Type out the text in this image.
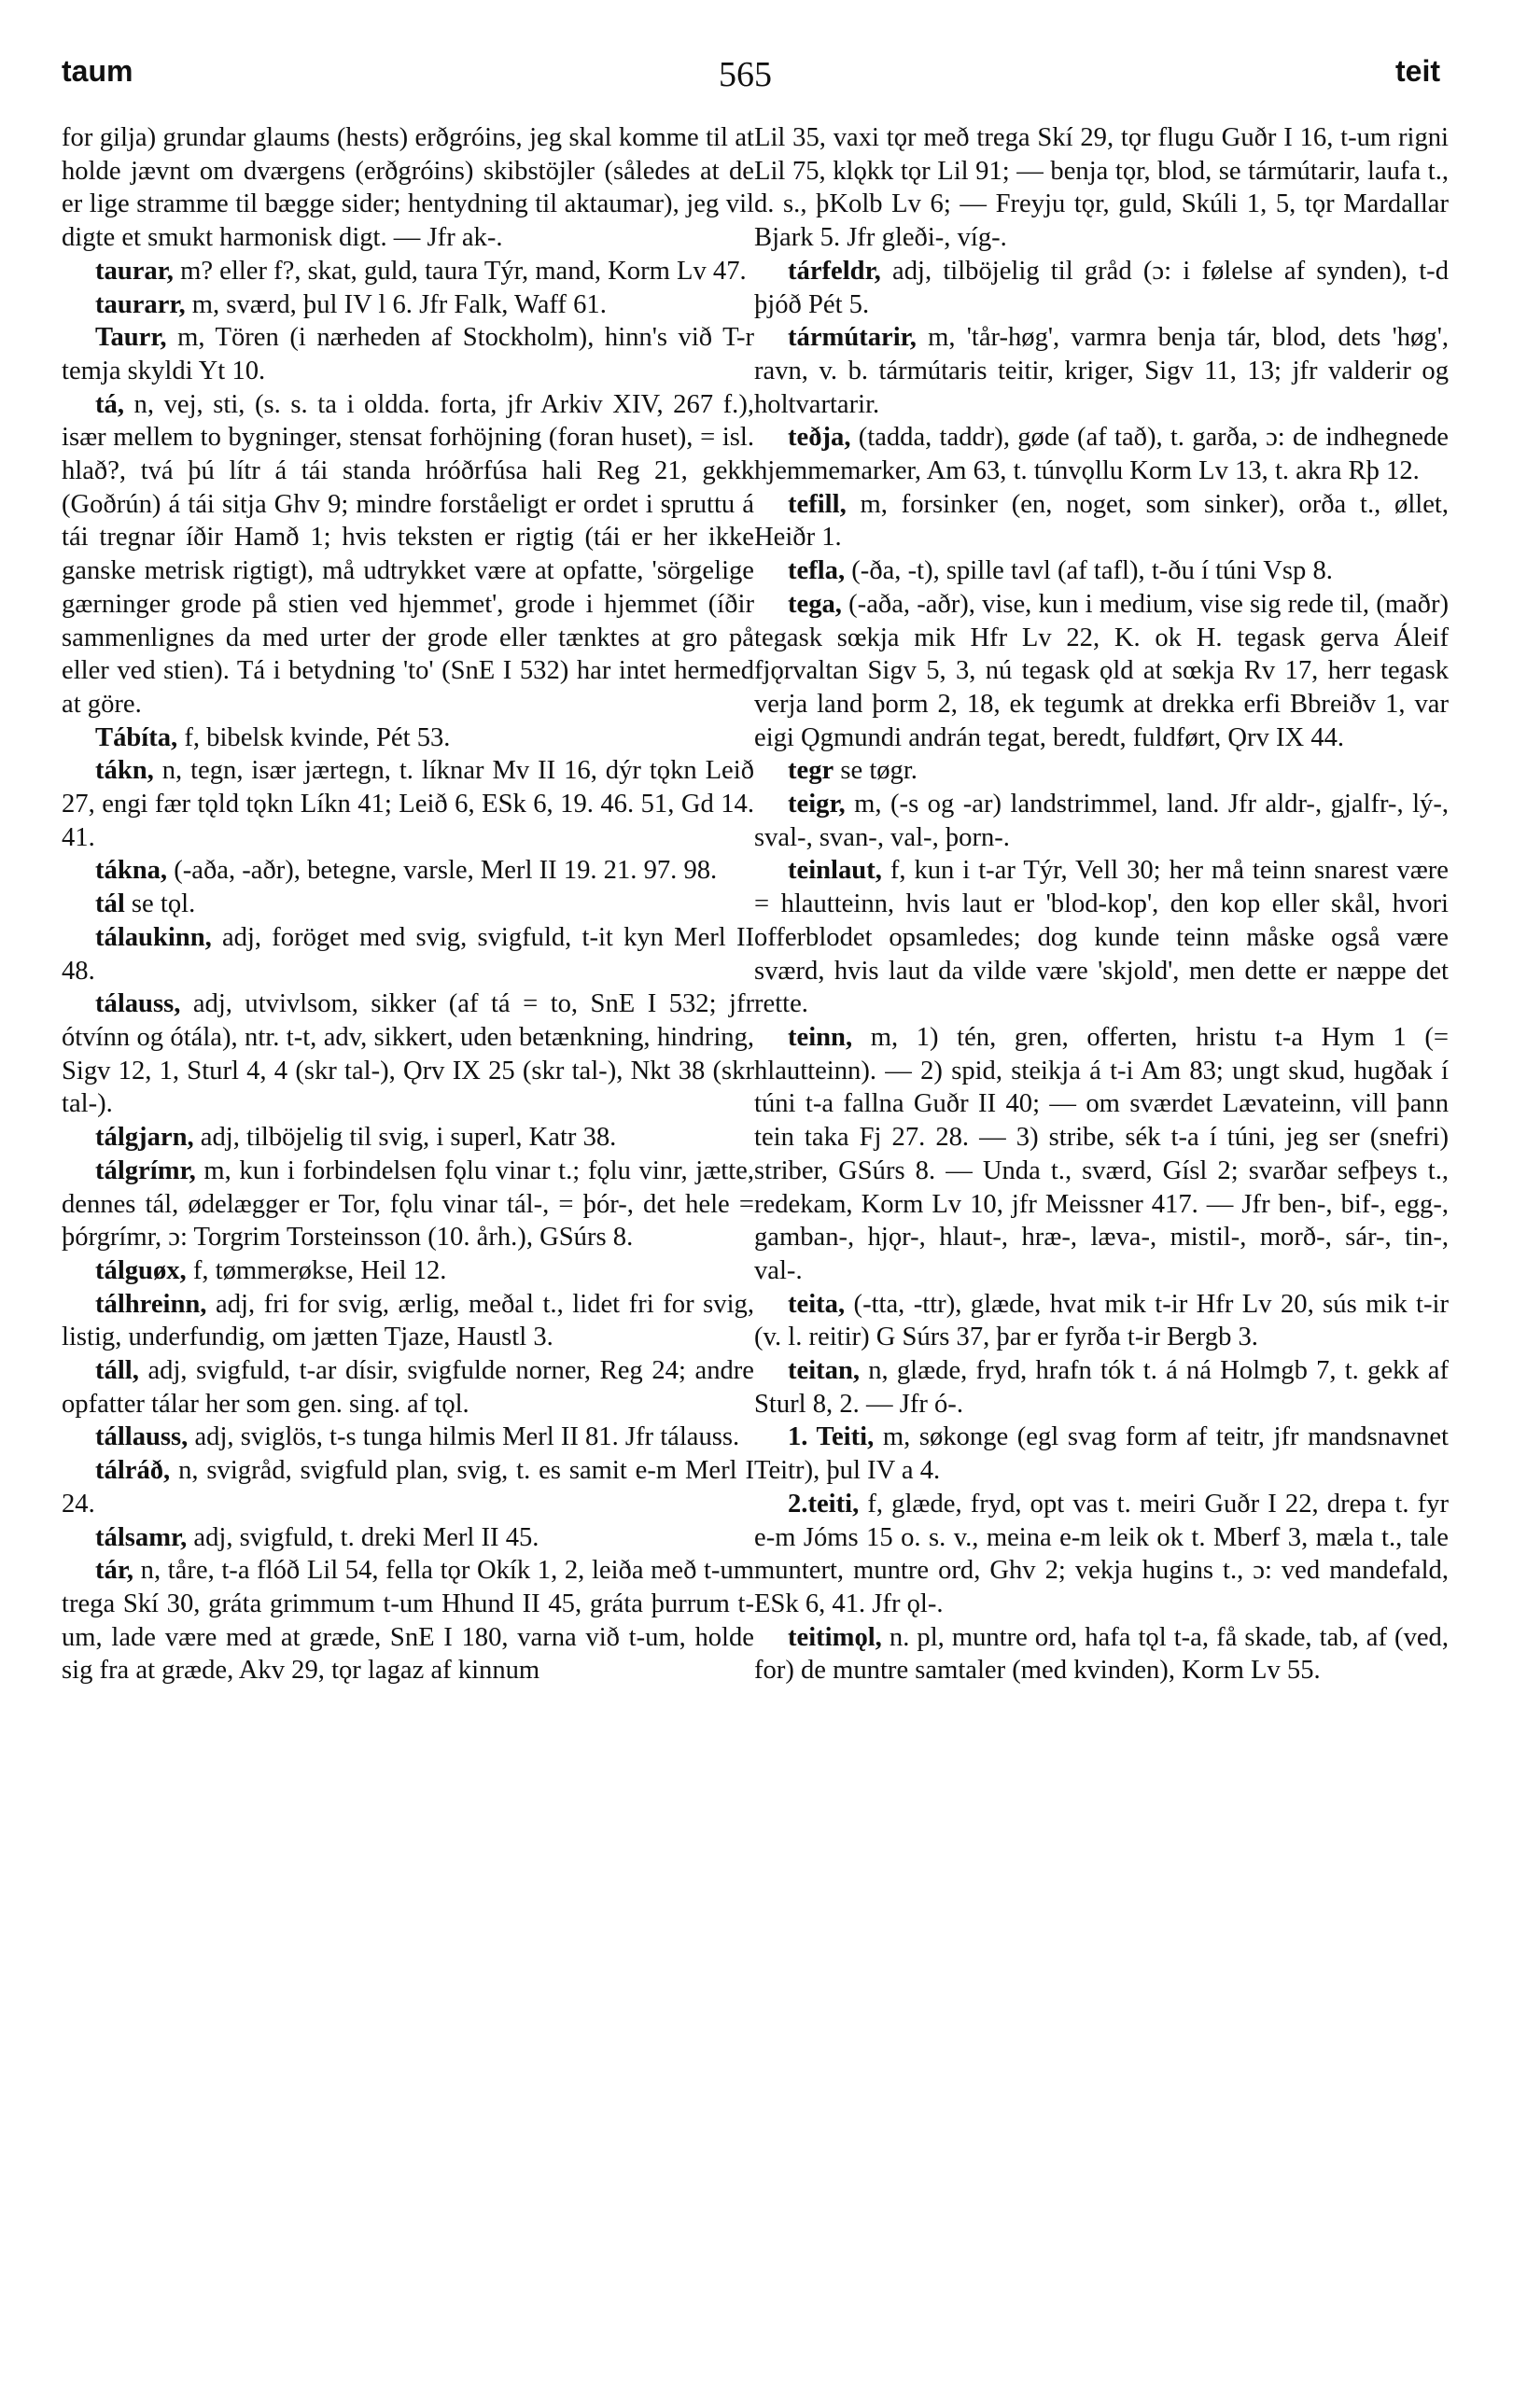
taum	565	teit

for gilja) grundar glaums (hests) erðgróins, jeg skal komme til at holde jævnt om dværgens (erðgróins) skibstöjler (således at de er lige stramme til bægge sider; hentydning til aktaumar), jeg vil digte et smukt harmonisk digt. — Jfr ak-.

taurar, m? eller f?, skat, guld, taura Týr, mand, Korm Lv 47.

taurarr, m, sværd, þul IV l 6. Jfr Falk, Waff 61.

Taurr, m, Tören (i nærheden af Stockholm), hinn's við T-r temja skyldi Yt 10.

tá, n, vej, sti, (s. s. ta i oldda. forta, jfr Arkiv XIV, 267 f.), især mellem to bygninger, stensat forhöjning (foran huset), = isl. hlað?, tvá þú lítr á tái standa hróðrfúsa hali Reg 21, gekk (Goðrún) á tái sitja Ghv 9; mindre forståeligt er ordet i spruttu á tái tregnar íðir Hamð 1; hvis teksten er rigtig (tái er her ikke ganske metrisk rigtigt), må udtrykket være at opfatte, 'sörgelige gærninger grode på stien ved hjemmet', grode i hjemmet (íðir sammenlignes da med urter der grode eller tænktes at gro på eller ved stien). Tá i betydning 'to' (SnE I 532) har intet hermed at göre.

Tábíta, f, bibelsk kvinde, Pét 53.

tákn, n, tegn, især jærtegn, t. líknar Mv II 16, dýr tǫkn Leið 27, engi fær tǫld tǫkn Líkn 41; Leið 6, ESk 6, 19. 46. 51, Gd 14. 41.

tákna, (-aða, -aðr), betegne, varsle, Merl II 19. 21. 97. 98.

tál se tǫl.

tálaukinn, adj, foröget med svig, svigfuld, t-it kyn Merl II 48.

tálauss, adj, utvivlsom, sikker (af tá = to, SnE I 532; jfr ótvínn og ótála), ntr. t-t, adv, sikkert, uden betænkning, hindring, Sigv 12, 1, Sturl 4, 4 (skr tal-), Ǫrv IX 25 (skr tal-), Nkt 38 (skr tal-).

tálgjarn, adj, tilböjelig til svig, i superl, Katr 38.

tálgrímr, m, kun i forbindelsen fǫlu vinar t.; fǫlu vinr, jætte, dennes tál, ødelægger er Tor, fǫlu vinar tál-, = þór-, det hele = þórgrímr, ɔ: Torgrim Torsteinsson (10. årh.), GSúrs 8.

tálguøx, f, tømmerøkse, Heil 12.

tálhreinn, adj, fri for svig, ærlig, meðal t., lidet fri for svig, listig, underfundig, om jætten Tjaze, Haustl 3.

táll, adj, svigfuld, t-ar dísir, svigfulde norner, Reg 24; andre opfatter tálar her som gen. sing. af tǫl.

tállauss, adj, sviglös, t-s tunga hilmis Merl II 81. Jfr tálauss.

tálráð, n, svigråd, svigfuld plan, svig, t. es samit e-m Merl I 24.

tálsamr, adj, svigfuld, t. dreki Merl II 45.

tár, n, tåre, t-a flóð Lil 54, fella tǫr Okík 1, 2, leiða með t-um trega Skí 30, gráta grimmum t-um Hhund II 45, gráta þurrum t-um, lade være med at græde, SnE I 180, varna við t-um, holde sig fra at græde, Akv 29, tǫr lagaz af kinnum

Lil 35, vaxi tǫr með trega Skí 29, tǫr flugu Guðr I 16, t-um rigni Lil 75, klǫkk tǫr Lil 91; — benja tǫr, blod, se tármútarir, laufa t., d. s., þKolb Lv 6; — Freyju tǫr, guld, Skúli 1, 5, tǫr Mardallar Bjark 5. Jfr gleði-, víg-.

tárfeldr, adj, tilböjelig til gråd (ɔ: i følelse af synden), t-d þjóð Pét 5.

tármútarir, m, 'tår-høg', varmra benja tár, blod, dets 'høg', ravn, v. b. tármútaris teitir, kriger, Sigv 11, 13; jfr valderir og holtvartarir.

teðja, (tadda, taddr), gøde (af tað), t. garða, ɔ: de indhegnede hjemmemarker, Am 63, t. túnvǫllu Korm Lv 13, t. akra Rþ 12.

tefill, m, forsinker (en, noget, som sinker), orða t., øllet, Heiðr 1.

tefla, (-ða, -t), spille tavl (af tafl), t-ðu í túni Vsp 8.

tega, (-aða, -aðr), vise, kun i medium, vise sig rede til, (maðr) tegask sœkja mik Hfr Lv 22, K. ok H. tegask gerva Áleif fjǫrvaltan Sigv 5, 3, nú tegask ǫld at sœkja Rv 17, herr tegask verja land þorm 2, 18, ek tegumk at drekka erfi Bbreiðv 1, var eigi Ǫgmundi andrán tegat, beredt, fuldført, Ǫrv IX 44.

tegr se tøgr.

teigr, m, (-s og -ar) landstrimmel, land. Jfr aldr-, gjalfr-, lý-, sval-, svan-, val-, þorn-.

teinlaut, f, kun i t-ar Týr, Vell 30; her må teinn snarest være = hlautteinn, hvis laut er 'blod-kop', den kop eller skål, hvori offerblodet opsamledes; dog kunde teinn måske også være sværd, hvis laut da vilde være 'skjold', men dette er næppe det rette.

teinn, m, 1) tén, gren, offerten, hristu t-a Hym 1 (= hlautteinn). — 2) spid, steikja á t-i Am 83; ungt skud, hugðak í túni t-a fallna Guðr II 40; — om sværdet Lævateinn, vill þann tein taka Fj 27. 28. — 3) stribe, sék t-a í túni, jeg ser (snefri) striber, GSúrs 8. — Unda t., sværd, Gísl 2; svarðar sefþeys t., redekam, Korm Lv 10, jfr Meissner 417. — Jfr ben-, bif-, egg-, gamban-, hjǫr-, hlaut-, hræ-, læva-, mistil-, morð-, sár-, tin-, val-.

teita, (-tta, -ttr), glæde, hvat mik t-ir Hfr Lv 20, sús mik t-ir (v. l. reitir) G Súrs 37, þar er fyrða t-ir Bergb 3.

teitan, n, glæde, fryd, hrafn tók t. á ná Holmgb 7, t. gekk af Sturl 8, 2. — Jfr ó-.

1. Teiti, m, søkonge (egl svag form af teitr, jfr mandsnavnet Teitr), þul IV a 4.

2.teiti, f, glæde, fryd, opt vas t. meiri Guðr I 22, drepa t. fyr e-m Jóms 15 o. s. v., meina e-m leik ok t. Mberf 3, mæla t., tale muntert, muntre ord, Ghv 2; vekja hugins t., ɔ: ved mandefald, ESk 6, 41. Jfr ǫl-.

teitimǫl, n. pl, muntre ord, hafa tǫl t-a, få skade, tab, af (ved, for) de muntre samtaler (med kvinden), Korm Lv 55.
